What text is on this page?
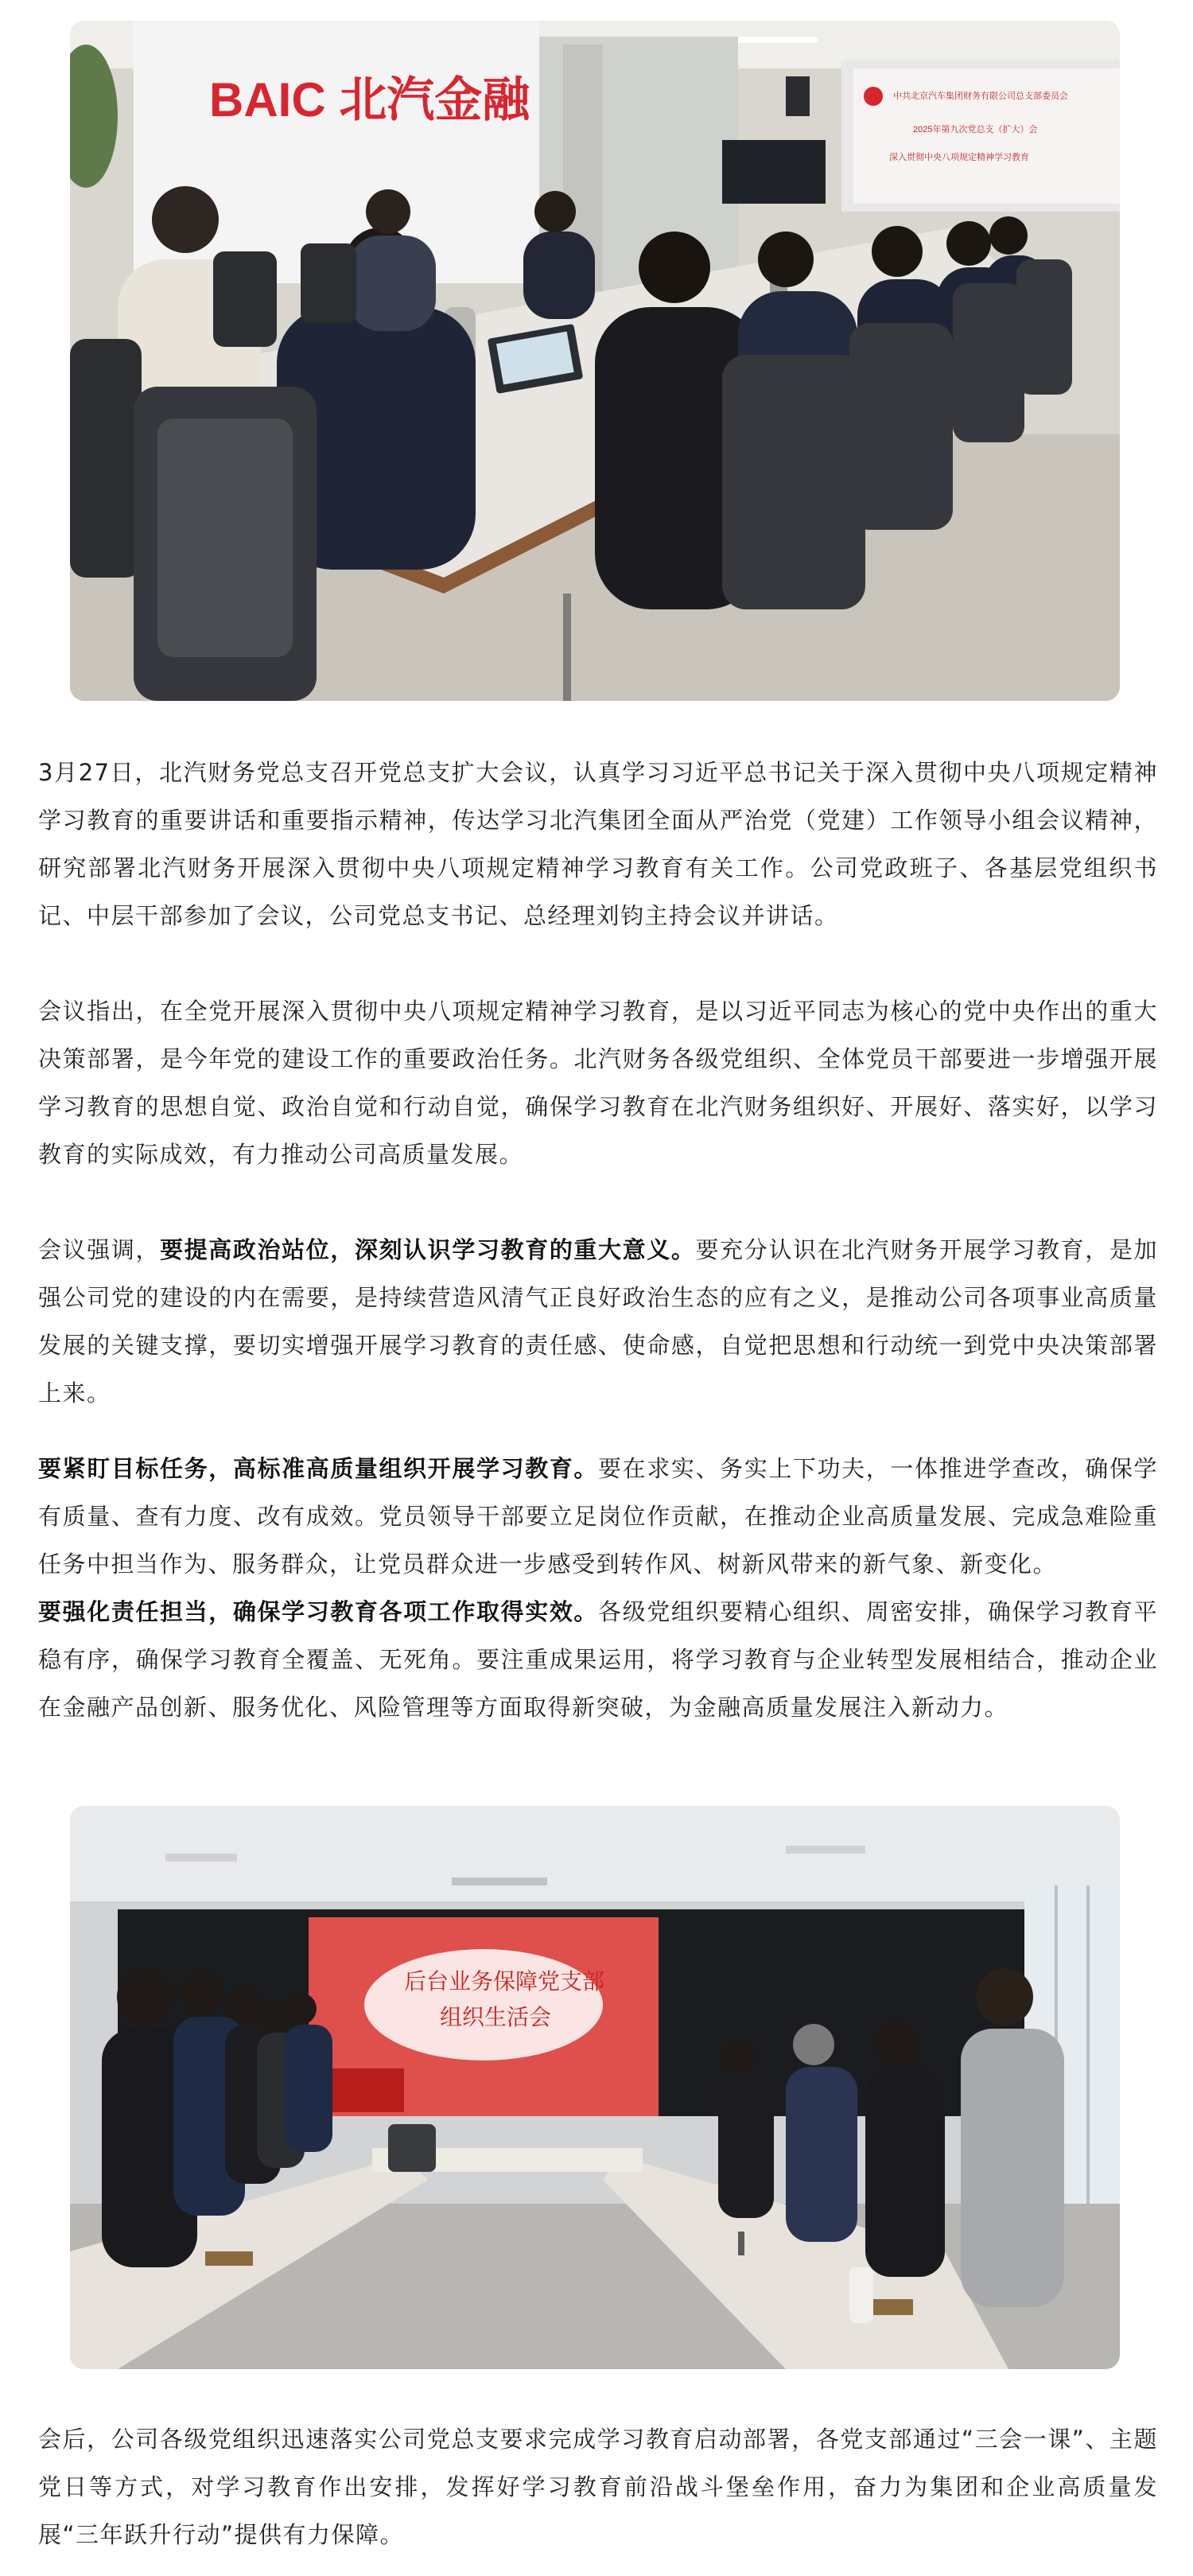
BAIC 北汽金融	中共北京汽车集团财务有限公司总支部委员会
2025年第九次党总支（扩大）会
深入贯彻中央八项规定精神学习教育

3月27日，北汽财务党总支召开党总支扩大会议，认真学习习近平总书记关于深入贯彻中央八项规定精神学习教育的重要讲话和重要指示精神，传达学习北汽集团全面从严治党（党建）工作领导小组会议精神，研究部署北汽财务开展深入贯彻中央八项规定精神学习教育有关工作。公司党政班子、各基层党组织书记、中层干部参加了会议，公司党总支书记、总经理刘钧主持会议并讲话。

会议指出，在全党开展深入贯彻中央八项规定精神学习教育，是以习近平同志为核心的党中央作出的重大决策部署，是今年党的建设工作的重要政治任务。北汽财务各级党组织、全体党员干部要进一步增强开展学习教育的思想自觉、政治自觉和行动自觉，确保学习教育在北汽财务组织好、开展好、落实好，以学习教育的实际成效，有力推动公司高质量发展。

会议强调，要提高政治站位，深刻认识学习教育的重大意义。要充分认识在北汽财务开展学习教育，是加强公司党的建设的内在需要，是持续营造风清气正良好政治生态的应有之义，是推动公司各项事业高质量发展的关键支撑，要切实增强开展学习教育的责任感、使命感，自觉把思想和行动统一到党中央决策部署上来。

要紧盯目标任务，高标准高质量组织开展学习教育。要在求实、务实上下功夫，一体推进学查改，确保学有质量、查有力度、改有成效。党员领导干部要立足岗位作贡献，在推动企业高质量发展、完成急难险重任务中担当作为、服务群众，让党员群众进一步感受到转作风、树新风带来的新气象、新变化。

要强化责任担当，确保学习教育各项工作取得实效。各级党组织要精心组织、周密安排，确保学习教育平稳有序，确保学习教育全覆盖、无死角。要注重成果运用，将学习教育与企业转型发展相结合，推动企业在金融产品创新、服务优化、风险管理等方面取得新突破，为金融高质量发展注入新动力。

后台业务保障党支部
组织生活会

会后，公司各级党组织迅速落实公司党总支要求完成学习教育启动部署，各党支部通过“三会一课”、主题党日等方式，对学习教育作出安排，发挥好学习教育前沿战斗堡垒作用，奋力为集团和企业高质量发展“三年跃升行动”提供有力保障。
